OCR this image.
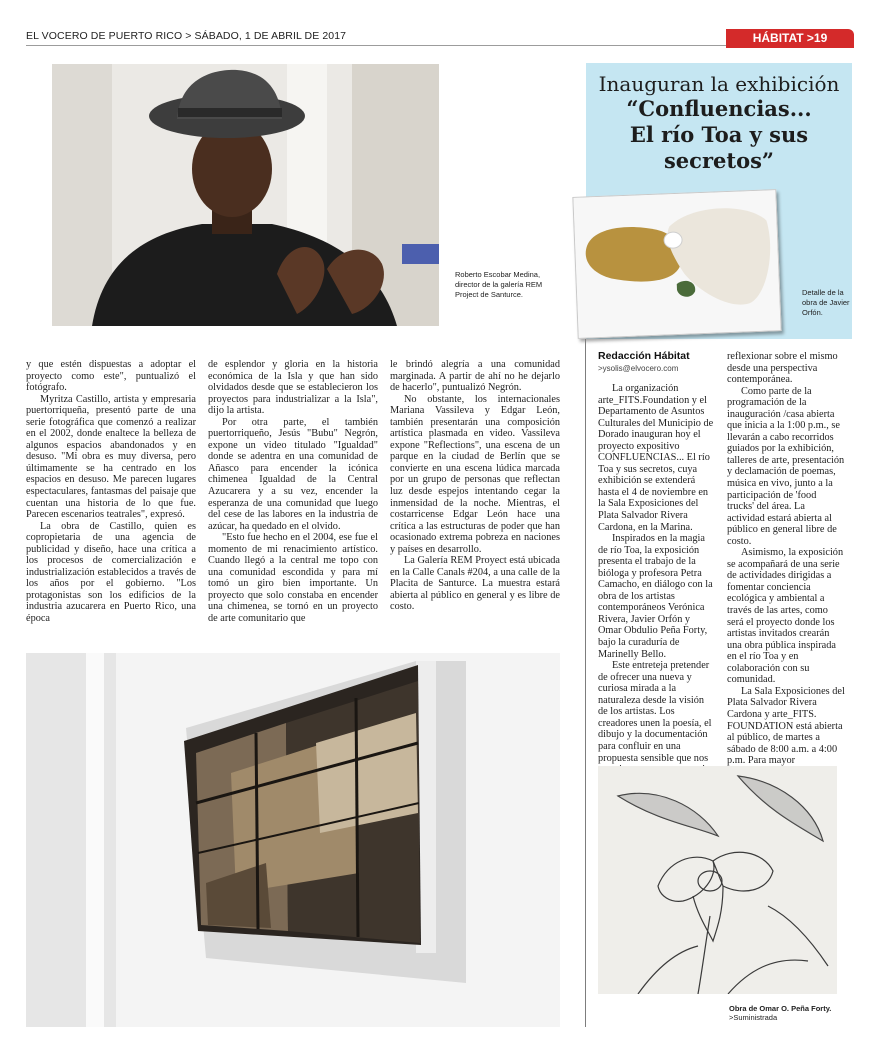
EL VOCERO DE PUERTO RICO > SÁBADO, 1 DE ABRIL DE 2017	HÁBITAT >19
Roberto Escobar Medina, director de la galería REM Project de Santurce.

y que estén dispuestas a adoptar el proyecto como este", puntualizó el fotógrafo.

Myritza Castillo, artista y empresaria puertorriqueña, presentó parte de una serie fotográfica que comenzó a realizar en el 2002, donde enaltece la belleza de algunos espacios abandonados y en desuso. "Mi obra es muy diversa, pero últimamente se ha centrado en los espacios en desuso. Me parecen lugares espectaculares, fantasmas del paisaje que cuentan una historia de lo que fue. Parecen escenarios teatrales", expresó.

La obra de Castillo, quien es copropietaria de una agencia de publicidad y diseño, hace una crítica a los procesos de comercialización e industrialización establecidos a través de los años por el gobierno. "Los protagonistas son los edificios de la industria azucarera en Puerto Rico, una época

de esplendor y gloria en la historia económica de la Isla y que han sido olvidados desde que se establecieron los proyectos para industrializar a la Isla", dijo la artista.

Por otra parte, el también puertorriqueño, Jesús "Bubu" Negrón, expone un video titulado "Igualdad" donde se adentra en una comunidad de Añasco para encender la icónica chimenea Igualdad de la Central Azucarera y a su vez, encender la esperanza de una comunidad que luego del cese de las labores en la industria de azúcar, ha quedado en el olvido.

"Esto fue hecho en el 2004, ese fue el momento de mi renacimiento artístico. Cuando llegó a la central me topo con una comunidad escondida y para mí tomó un giro bien importante. Un proyecto que solo constaba en encender una chimenea, se tornó en un proyecto de arte comunitario que

le brindó alegría a una comunidad marginada. A partir de ahí no he dejarlo de hacerlo", puntualizó Negrón.

No obstante, los internacionales Mariana Vassileva y Edgar León, también presentarán una composición artística plasmada en video. Vassileva expone "Reflections", una escena de un parque en la ciudad de Berlín que se convierte en una escena lúdica marcada por un grupo de personas que reflectan luz desde espejos intentando cegar la inmensidad de la noche. Mientras, el costarricense Edgar León hace una crítica a las estructuras de poder que han ocasionado extrema pobreza en naciones y países en desarrollo.

La Galería REM Proyect está ubicada en la Calle Canals #204, a una calle de la Placita de Santurce. La muestra estará abierta al público en general y es libre de costo.

Inauguran la exhibición
“Confluencias...
El río Toa y sus
secretos”
Detalle de la obra de Javier Orfón.
Redacción Hábitat
>ysolis@elvocero.com

La organización arte_FITS.Foundation y el Departamento de Asuntos Culturales del Municipio de Dorado inauguran hoy el proyecto expositivo CONFLUENCIAS... El río Toa y sus secretos, cuya exhibición se extenderá hasta el 4 de noviembre en la Sala Exposiciones del Plata Salvador Rivera Cardona, en la Marina.

Inspirados en la magia de río Toa, la exposición presenta el trabajo de la bióloga y profesora Petra Camacho, en diálogo con la obra de los artistas contemporáneos Verónica Rivera, Javier Orfón y Omar Obdulio Peña Forty, bajo la curaduría de Marinelly Bello.

Este entreteja pretender de ofrecer una nueva y curiosa mirada a la naturaleza desde la visión de los artistas. Los creadores unen la poesía, el dibujo y la documentación para confluir en una propuesta sensible que nos

reflexionar sobre el mismo desde una perspectiva contemporánea.

Como parte de la programación de la inauguración /casa abierta que inicia a la 1:00 p.m., se llevarán a cabo recorridos guiados por la exhibición, talleres de arte, presentación y declamación de poemas, música en vivo, junto a la participación de 'food trucks' del área. La actividad estará abierta al público en general libre de costo.

Asimismo, la exposición se acompañará de una serie de actividades dirigidas a fomentar conciencia ecológica y ambiental a través de las artes, como será el proyecto donde los artistas invitados crearán una obra pública inspirada en el río Toa y en colaboración con su comunidad.

La Sala Exposiciones del Plata Salvador Rivera Cardona y arte_FITS. FOUNDATION está abierta al público, de martes a sábado de 8:00 a.m. a 4:00 p.m. Para mayor

Obra de Omar O. Peña Forty.
>Suministrada
